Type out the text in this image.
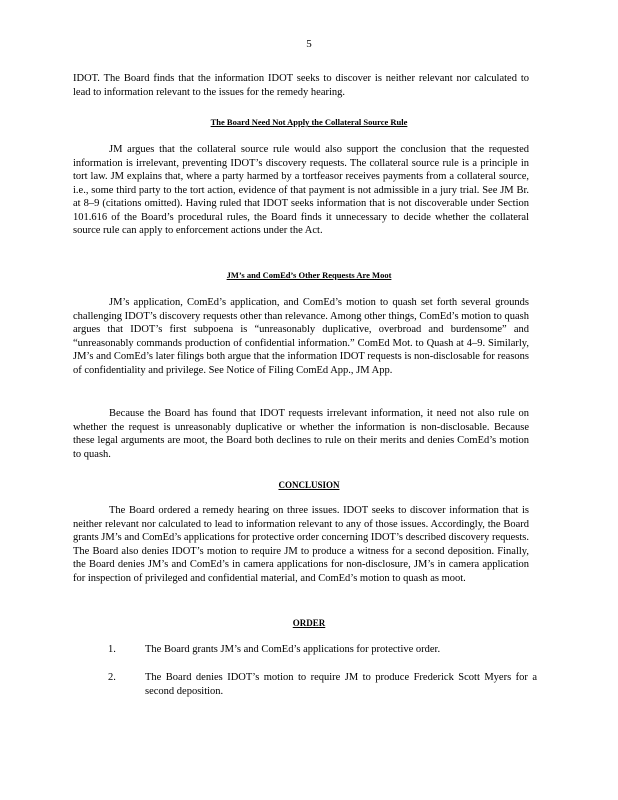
5

IDOT. The Board finds that the information IDOT seeks to discover is neither relevant nor calculated to lead to information relevant to the issues for the remedy hearing.

The Board Need Not Apply the Collateral Source Rule

JM argues that the collateral source rule would also support the conclusion that the requested information is irrelevant, preventing IDOT’s discovery requests. The collateral source rule is a principle in tort law. JM explains that, where a party harmed by a tortfeasor receives payments from a collateral source, i.e., some third party to the tort action, evidence of that payment is not admissible in a jury trial. See JM Br. at 8–9 (citations omitted). Having ruled that IDOT seeks information that is not discoverable under Section 101.616 of the Board’s procedural rules, the Board finds it unnecessary to decide whether the collateral source rule can apply to enforcement actions under the Act.

JM’s and ComEd’s Other Requests Are Moot

JM’s application, ComEd’s application, and ComEd’s motion to quash set forth several grounds challenging IDOT’s discovery requests other than relevance. Among other things, ComEd’s motion to quash argues that IDOT’s first subpoena is “unreasonably duplicative, overbroad and burdensome” and “unreasonably commands production of confidential information.” ComEd Mot. to Quash at 4–9. Similarly, JM’s and ComEd’s later filings both argue that the information IDOT requests is non-disclosable for reasons of confidentiality and privilege. See Notice of Filing ComEd App., JM App.

Because the Board has found that IDOT requests irrelevant information, it need not also rule on whether the request is unreasonably duplicative or whether the information is non-disclosable. Because these legal arguments are moot, the Board both declines to rule on their merits and denies ComEd’s motion to quash.

CONCLUSION

The Board ordered a remedy hearing on three issues. IDOT seeks to discover information that is neither relevant nor calculated to lead to information relevant to any of those issues. Accordingly, the Board grants JM’s and ComEd’s applications for protective order concerning IDOT’s described discovery requests. The Board also denies IDOT’s motion to require JM to produce a witness for a second deposition. Finally, the Board denies JM’s and ComEd’s in camera applications for non-disclosure, JM’s in camera application for inspection of privileged and confidential material, and ComEd’s motion to quash as moot.

ORDER
1.	The Board grants JM’s and ComEd’s applications for protective order.
2.	The Board denies IDOT’s motion to require JM to produce Frederick Scott Myers for a second deposition.
